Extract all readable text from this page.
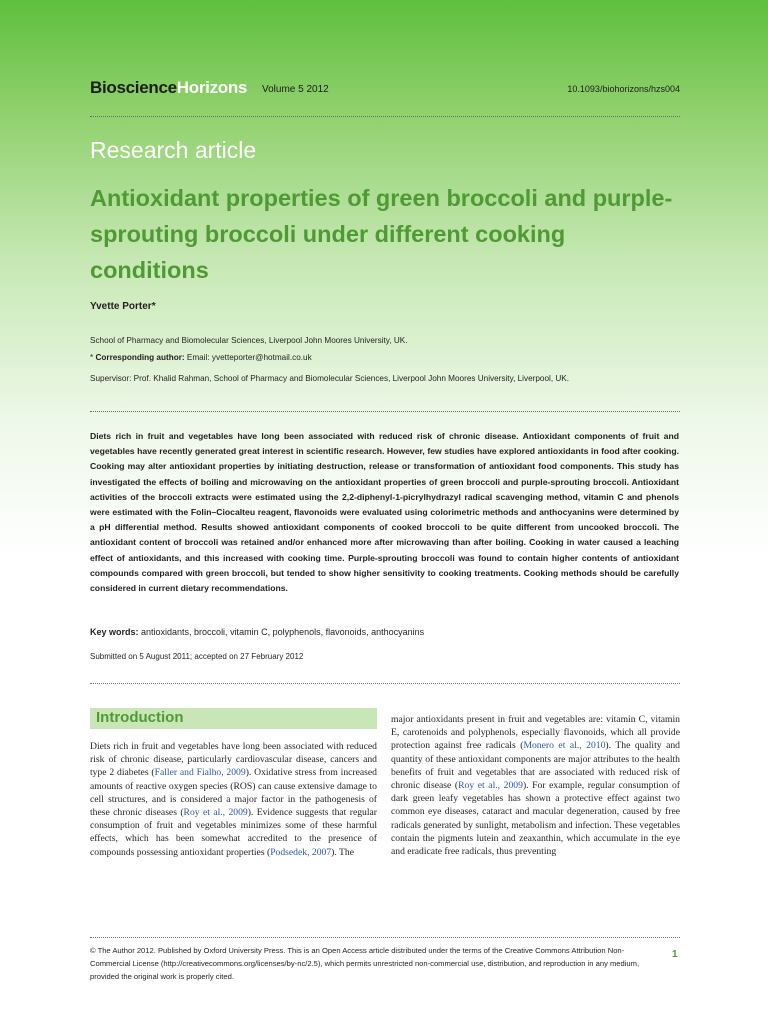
BioscienceHorizons Volume 5 2012	10.1093/biohorizons/hzs004
Research article
Antioxidant properties of green broccoli and purple-sprouting broccoli under different cooking conditions
Yvette Porter*
School of Pharmacy and Biomolecular Sciences, Liverpool John Moores University, UK.
* Corresponding author: Email: yvetteporter@hotmail.co.uk
Supervisor: Prof. Khalid Rahman, School of Pharmacy and Biomolecular Sciences, Liverpool John Moores University, Liverpool, UK.
Diets rich in fruit and vegetables have long been associated with reduced risk of chronic disease. Antioxidant components of fruit and vegetables have recently generated great interest in scientific research. However, few studies have explored antioxidants in food after cooking. Cooking may alter antioxidant properties by initiating destruction, release or transformation of antioxidant food components. This study has investigated the effects of boiling and microwaving on the antioxidant properties of green broccoli and purple-sprouting broccoli. Antioxidant activities of the broccoli extracts were estimated using the 2,2-diphenyl-1-picrylhydrazyl radical scavenging method, vitamin C and phenols were estimated with the Folin–Ciocalteu reagent, flavonoids were evaluated using colorimetric methods and anthocyanins were determined by a pH differential method. Results showed antioxidant components of cooked broccoli to be quite different from uncooked broccoli. The antioxidant content of broccoli was retained and/or enhanced more after microwaving than after boiling. Cooking in water caused a leaching effect of antioxidants, and this increased with cooking time. Purple-sprouting broccoli was found to contain higher contents of antioxidant compounds compared with green broccoli, but tended to show higher sensitivity to cooking treatments. Cooking methods should be carefully considered in current dietary recommendations.
Key words: antioxidants, broccoli, vitamin C, polyphenols, flavonoids, anthocyanins
Submitted on 5 August 2011; accepted on 27 February 2012
Introduction
Diets rich in fruit and vegetables have long been associated with reduced risk of chronic disease, particularly cardiovascular disease, cancers and type 2 diabetes (Faller and Fialho, 2009). Oxidative stress from increased amounts of reactive oxygen species (ROS) can cause extensive damage to cell structures, and is considered a major factor in the pathogenesis of these chronic diseases (Roy et al., 2009). Evidence suggests that regular consumption of fruit and vegetables minimizes some of these harmful effects, which has been somewhat accredited to the presence of compounds possessing antioxidant properties (Podsedek, 2007). The
major antioxidants present in fruit and vegetables are: vitamin C, vitamin E, carotenoids and polyphenols, especially flavonoids, which all provide protection against free radicals (Monero et al., 2010). The quality and quantity of these antioxidant components are major attributes to the health benefits of fruit and vegetables that are associated with reduced risk of chronic disease (Roy et al., 2009). For example, regular consumption of dark green leafy vegetables has shown a protective effect against two common eye diseases, cataract and macular degeneration, caused by free radicals generated by sunlight, metabolism and infection. These vegetables contain the pigments lutein and zeaxanthin, which accumulate in the eye and eradicate free radicals, thus preventing
© The Author 2012. Published by Oxford University Press. This is an Open Access article distributed under the terms of the Creative Commons Attribution Non-Commercial License (http://creativecommons.org/licenses/by-nc/2.5), which permits unrestricted non-commercial use, distribution, and reproduction in any medium, provided the original work is properly cited.
1
